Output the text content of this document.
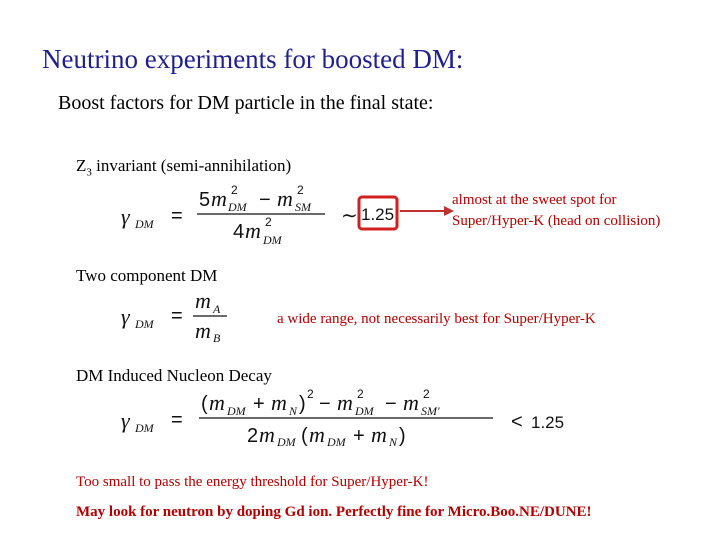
Neutrino experiments for boosted DM:
Boost factors for DM particle in the final state:
$Z_3$ invariant (semi-annihilation)
γ DM =
5 m 2
DM − m 2
SM
4 m 2
DM
∼ 1.25
almost at the sweet spot for
Super/Hyper-K (head on collision)
Two component DM
γ DM =
m A
m B
a wide range, not necessarily best for Super/Hyper-K
DM Induced Nucleon Decay
γ DM =
( m DM + m N ) 2 − m 2
DM − m 2
SM′
2 m DM ( m DM + m N )
< 1.25
Too small to pass the energy threshold for Super/Hyper-K!
May look for neutron by doping Gd ion. Perfectly fine for Micro.Boo.NE/DUNE!
